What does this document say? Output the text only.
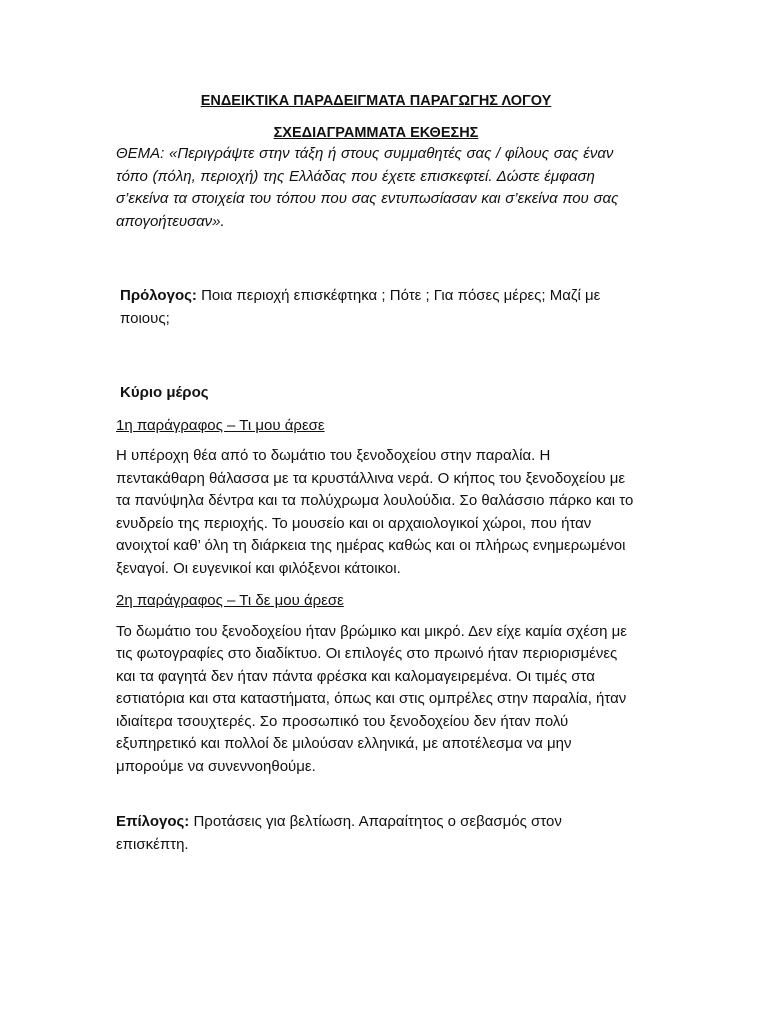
ΕΝΔΕΙΚΤΙΚΑ ΠΑΡΑΔΕΙΓΜΑΤΑ ΠΑΡΑΓΩΓΗΣ ΛΟΓΟΥ

ΣΧΕΔΙΑΓΡΑΜΜΑΤΑ ΕΚΘΕΣΗΣ

ΘΕΜΑ: «Περιγράψτε στην τάξη ή στους συμμαθητές σας / φίλους σας έναν τόπο (πόλη, περιοχή) της Ελλάδας που έχετε επισκεφτεί. Δώστε έμφαση σ’εκείνα τα στοιχεία του τόπου που σας εντυπωσίασαν και σ’εκείνα που σας απογοήτευσαν».

Πρόλογος: Ποια περιοχή επισκέφτηκα ; Πότε ; Για πόσες μέρες; Μαζί με ποιους;

Κύριο μέρος

1η παράγραφος – Τι μου άρεσε

Η υπέροχη θέα από το δωμάτιο του ξενοδοχείου στην παραλία. Η πεντακάθαρη θάλασσα με τα κρυστάλλινα νερά. Ο κήπος του ξενοδοχείου με τα πανύψηλα δέντρα και τα πολύχρωμα λουλούδια. Σο θαλάσσιο πάρκο και το ενυδρείο της περιοχής. Το μουσείο και οι αρχαιολογικοί χώροι, που ήταν ανοιχτοί καθ’ όλη τη διάρκεια της ημέρας καθώς και οι πλήρως ενημερωμένοι ξεναγοί. Οι ευγενικοί και φιλόξενοι κάτοικοι.

2η παράγραφος – Τι δε μου άρεσε

Το δωμάτιο του ξενοδοχείου ήταν βρώμικο και μικρό. Δεν είχε καμία σχέση με τις φωτογραφίες στο διαδίκτυο. Οι επιλογές στο πρωινό ήταν περιορισμένες και τα φαγητά δεν ήταν πάντα φρέσκα και καλομαγειρεμένα. Οι τιμές στα εστιατόρια και στα καταστήματα, όπως και στις ομπρέλες στην παραλία, ήταν ιδιαίτερα τσουχτερές. Σο προσωπικό του ξενοδοχείου δεν ήταν πολύ εξυπηρετικό και πολλοί δε μιλούσαν ελληνικά, με αποτέλεσμα να μην μπορούμε να συνεννοηθούμε.

Επίλογος: Προτάσεις για βελτίωση. Απαραίτητος ο σεβασμός στον επισκέπτη.
